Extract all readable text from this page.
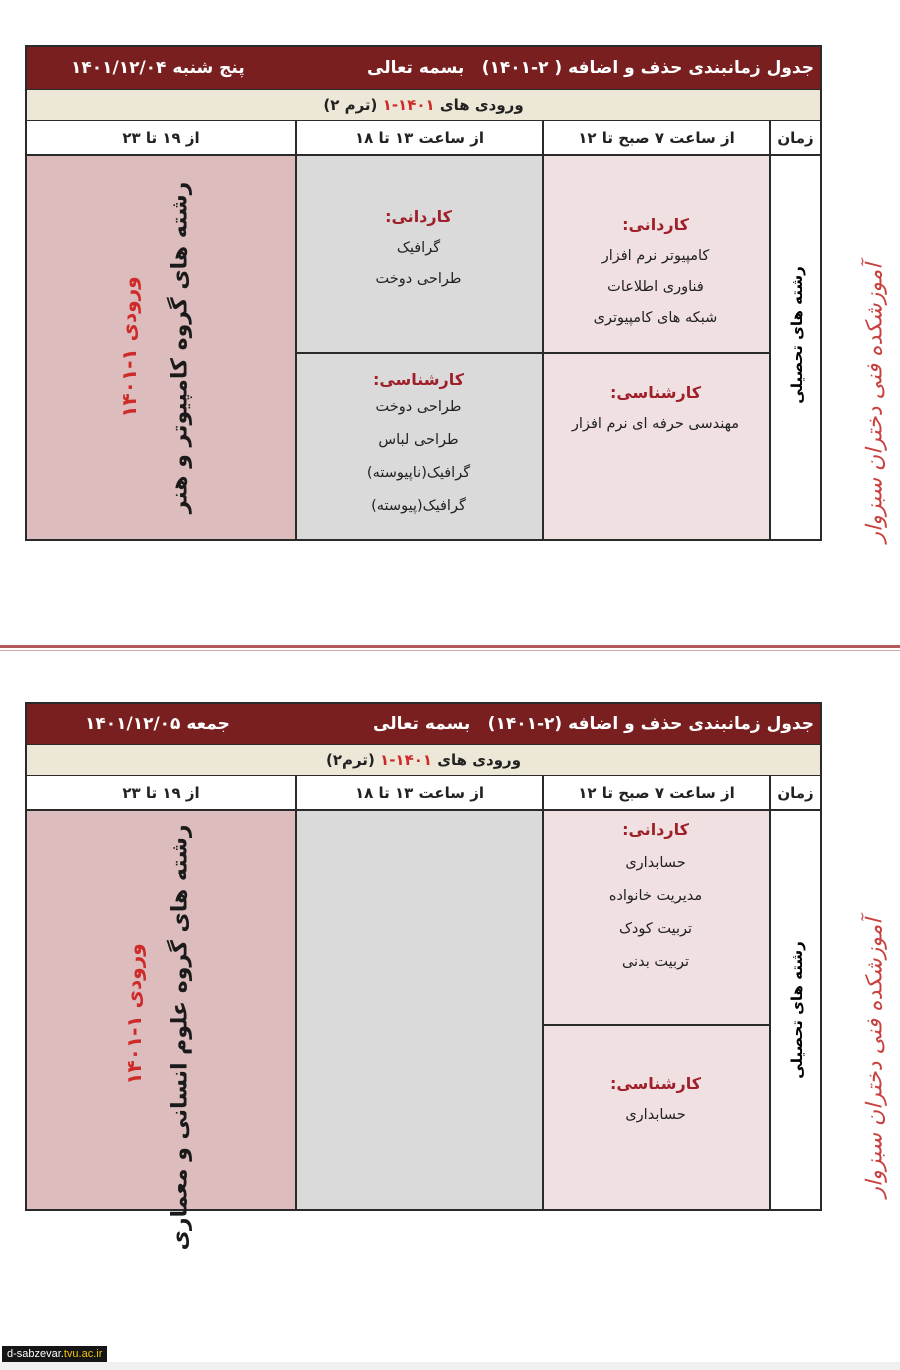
جدول زمانبندی حذف و اضافه ( ۲-۱۴۰۱)
بسمه تعالی
پنج شنبه ۱۴۰۱/۱۲/۰۴
ورودی های ۱۴۰۱-۱ (ترم ۲)
زمان
از ساعت ۷ صبح تا ۱۲
از ساعت ۱۳ تا ۱۸
از ۱۹ تا ۲۳
رشته های تحصیلی
کاردانی:
کامپیوتر نرم افزار
فناوری اطلاعات
شبکه های کامپیوتری
کارشناسی:
مهندسی حرفه ای نرم افزار
کاردانی:
گرافیک
طراحی دوخت
کارشناسی:
طراحی دوخت
طراحی لباس
گرافیک(ناپیوسته)
گرافیک(پیوسته)
رشته های گروه کامپیوتر و هنر
ورودی ۱-۱۴۰۱	آموزشکده فنی دختران سبزوار
جدول زمانبندی حذف و اضافه (۲-۱۴۰۱)
بسمه تعالی
جمعه ۱۴۰۱/۱۲/۰۵
ورودی های ۱۴۰۱-۱ (ترم۲)
زمان
از ساعت ۷ صبح تا ۱۲
از ساعت ۱۳ تا ۱۸
از ۱۹ تا ۲۳
رشته های تحصیلی
کاردانی:
حسابداری
مدیریت خانواده
تربیت کودک
تربیت بدنی
کارشناسی:
حسابداری
رشته های گروه علوم انسانی و معماری
ورودی ۱-۱۴۰۱	آموزشکده فنی دختران سبزوار
d-sabzevar.tvu.ac.ir
